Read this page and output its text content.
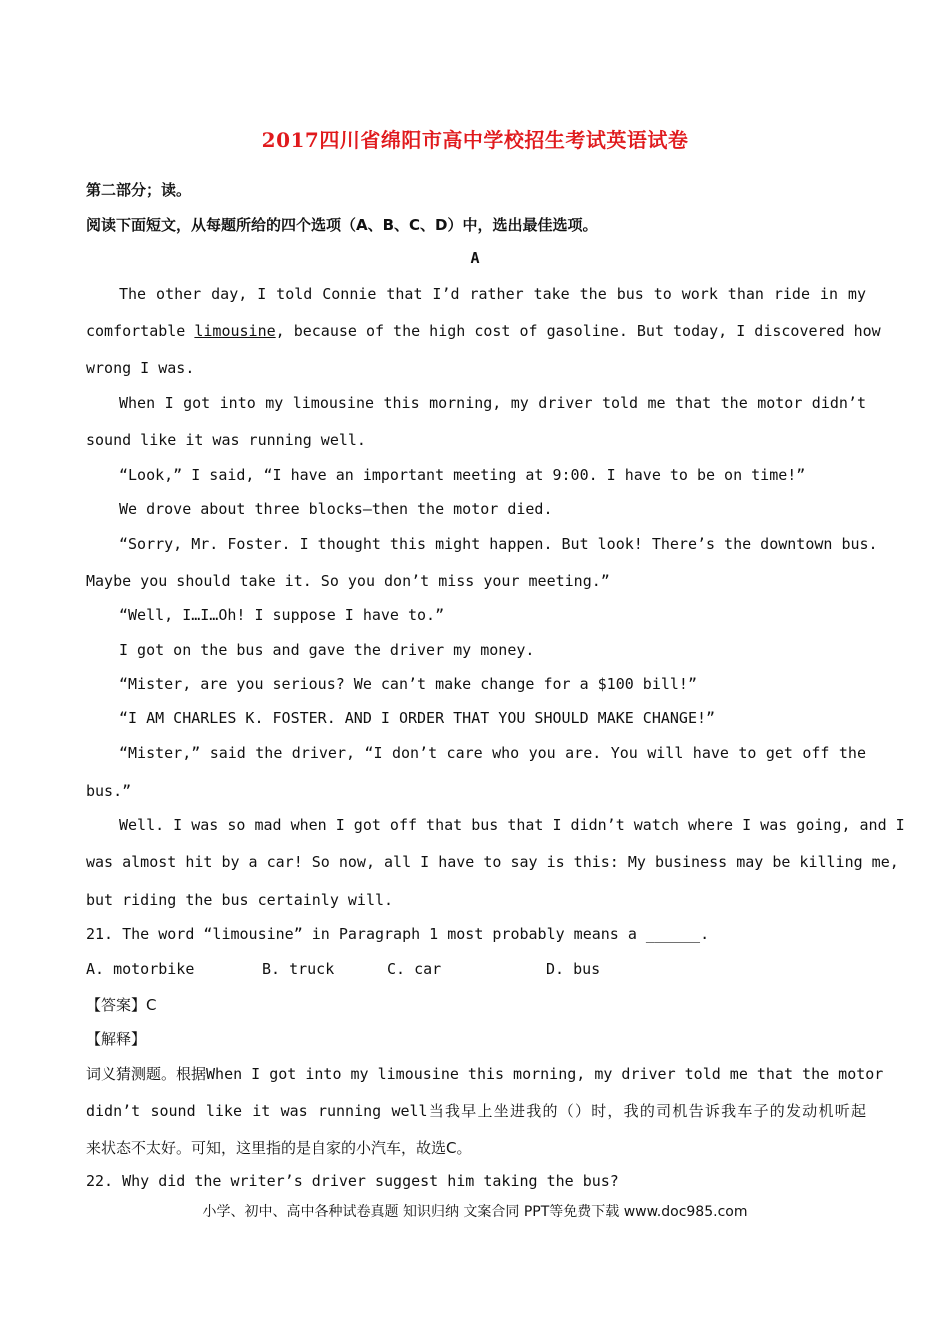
2017四川省绵阳市高中学校招生考试英语试卷
第二部分；读。
阅读下面短文，从每题所给的四个选项（A、B、C、D）中，选出最佳选项。
A
The other day, I told Connie that I’d rather take the bus to work than ride in my
comfortable limousine, because of the high cost of gasoline. But today, I discovered how
wrong I was.
When I got into my limousine this morning, my driver told me that the motor didn’t
sound like it was running well.
“Look,” I said, “I have an important meeting at 9:00. I have to be on time!”
We drove about three blocks—then the motor died.
“Sorry, Mr. Foster. I thought this might happen. But look! There’s the downtown bus.
Maybe you should take it. So you don’t miss your meeting.”
“Well, I…I…Oh! I suppose I have to.”
I got on the bus and gave the driver my money.
“Mister, are you serious? We can’t make change for a $100 bill!”
“I AM CHARLES K. FOSTER. AND I ORDER THAT YOU SHOULD MAKE CHANGE!”
“Mister,” said the driver, “I don’t care who you are. You will have to get off the
bus.”
Well. I was so mad when I got off that bus that I didn’t watch where I was going, and I
was almost hit by a car! So now, all I have to say is this: My business may be killing me,
but riding the bus certainly will.
21. The word “limousine” in Paragraph 1 most probably means a ______.
A. motorbike	B. truck	C. car	D. bus
【答案】C
【解释】
词义猜测题。根据When I got into my limousine this morning, my driver told me that the motor
didn’t sound like it was running well当我早上坐进我的（）时，我的司机告诉我车子的发动机听起
来状态不太好。可知，这里指的是自家的小汽车，故选C。
22. Why did the writer’s driver suggest him taking the bus?
小学、初中、高中各种试卷真题 知识归纳 文案合同 PPT等免费下载 www.doc985.com
